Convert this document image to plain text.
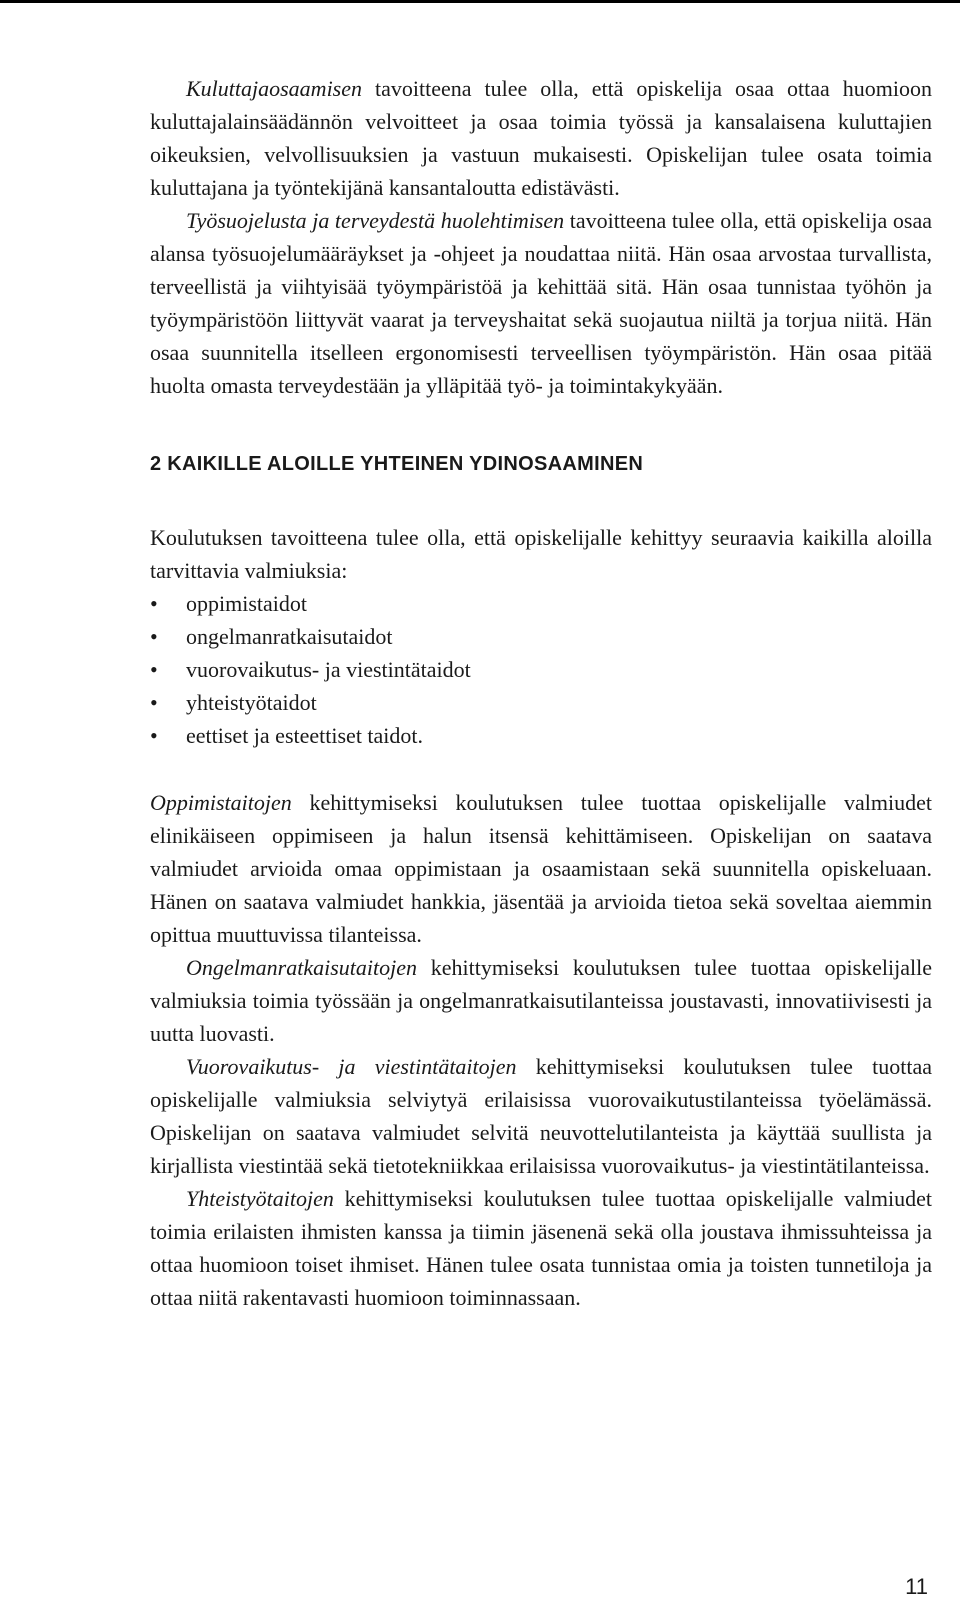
Kuluttajaosaamisen tavoitteena tulee olla, että opiskelija osaa ottaa huomioon kuluttajalainsäädännön velvoitteet ja osaa toimia työssä ja kansalaisena kuluttajien oikeuksien, velvollisuuksien ja vastuun mukaisesti. Opiskelijan tulee osata toimia kuluttajana ja työntekijänä kansantaloutta edistävästi.

Työsuojelusta ja terveydestä huolehtimisen tavoitteena tulee olla, että opiskelija osaa alansa työsuojelumääräykset ja -ohjeet ja noudattaa niitä. Hän osaa arvostaa turvallista, terveellistä ja viihtyisää työympäristöä ja kehittää sitä. Hän osaa tunnistaa työhön ja työympäristöön liittyvät vaarat ja terveyshaitat sekä suojautua niiltä ja torjua niitä. Hän osaa suunnitella itselleen ergonomisesti terveellisen työympäristön. Hän osaa pitää huolta omasta terveydestään ja ylläpitää työ- ja toimintakykyään.

2 KAIKILLE ALOILLE YHTEINEN YDINOSAAMINEN

Koulutuksen tavoitteena tulee olla, että opiskelijalle kehittyy seuraavia kaikilla aloilla tarvittavia valmiuksia:

•	oppimistaidot
•	ongelmanratkaisutaidot
•	vuorovaikutus- ja viestintätaidot
•	yhteistyötaidot
•	eettiset ja esteettiset taidot.

Oppimistaitojen kehittymiseksi koulutuksen tulee tuottaa opiskelijalle valmiudet elinikäiseen oppimiseen ja halun itsensä kehittämiseen. Opiskelijan on saatava valmiudet arvioida omaa oppimistaan ja osaamistaan sekä suunnitella opiskeluaan. Hänen on saatava valmiudet hankkia, jäsentää ja arvioida tietoa sekä soveltaa aiemmin opittua muuttuvissa tilanteissa.

Ongelmanratkaisutaitojen kehittymiseksi koulutuksen tulee tuottaa opiskelijalle valmiuksia toimia työssään ja ongelmanratkaisutilanteissa joustavasti, innovatiivisesti ja uutta luovasti.

Vuorovaikutus- ja viestintätaitojen kehittymiseksi koulutuksen tulee tuottaa opiskelijalle valmiuksia selviytyä erilaisissa vuorovaikutustilanteissa työelämässä. Opiskelijan on saatava valmiudet selvitä neuvottelutilanteista ja käyttää suullista ja kirjallista viestintää sekä tietotekniikkaa erilaisissa vuorovaikutus- ja viestintätilanteissa.

Yhteistyötaitojen kehittymiseksi koulutuksen tulee tuottaa opiskelijalle valmiudet toimia erilaisten ihmisten kanssa ja tiimin jäsenenä sekä olla joustava ihmissuhteissa ja ottaa huomioon toiset ihmiset. Hänen tulee osata tunnistaa omia ja toisten tunnetiloja ja ottaa niitä rakentavasti huomioon toiminnassaan.

11
